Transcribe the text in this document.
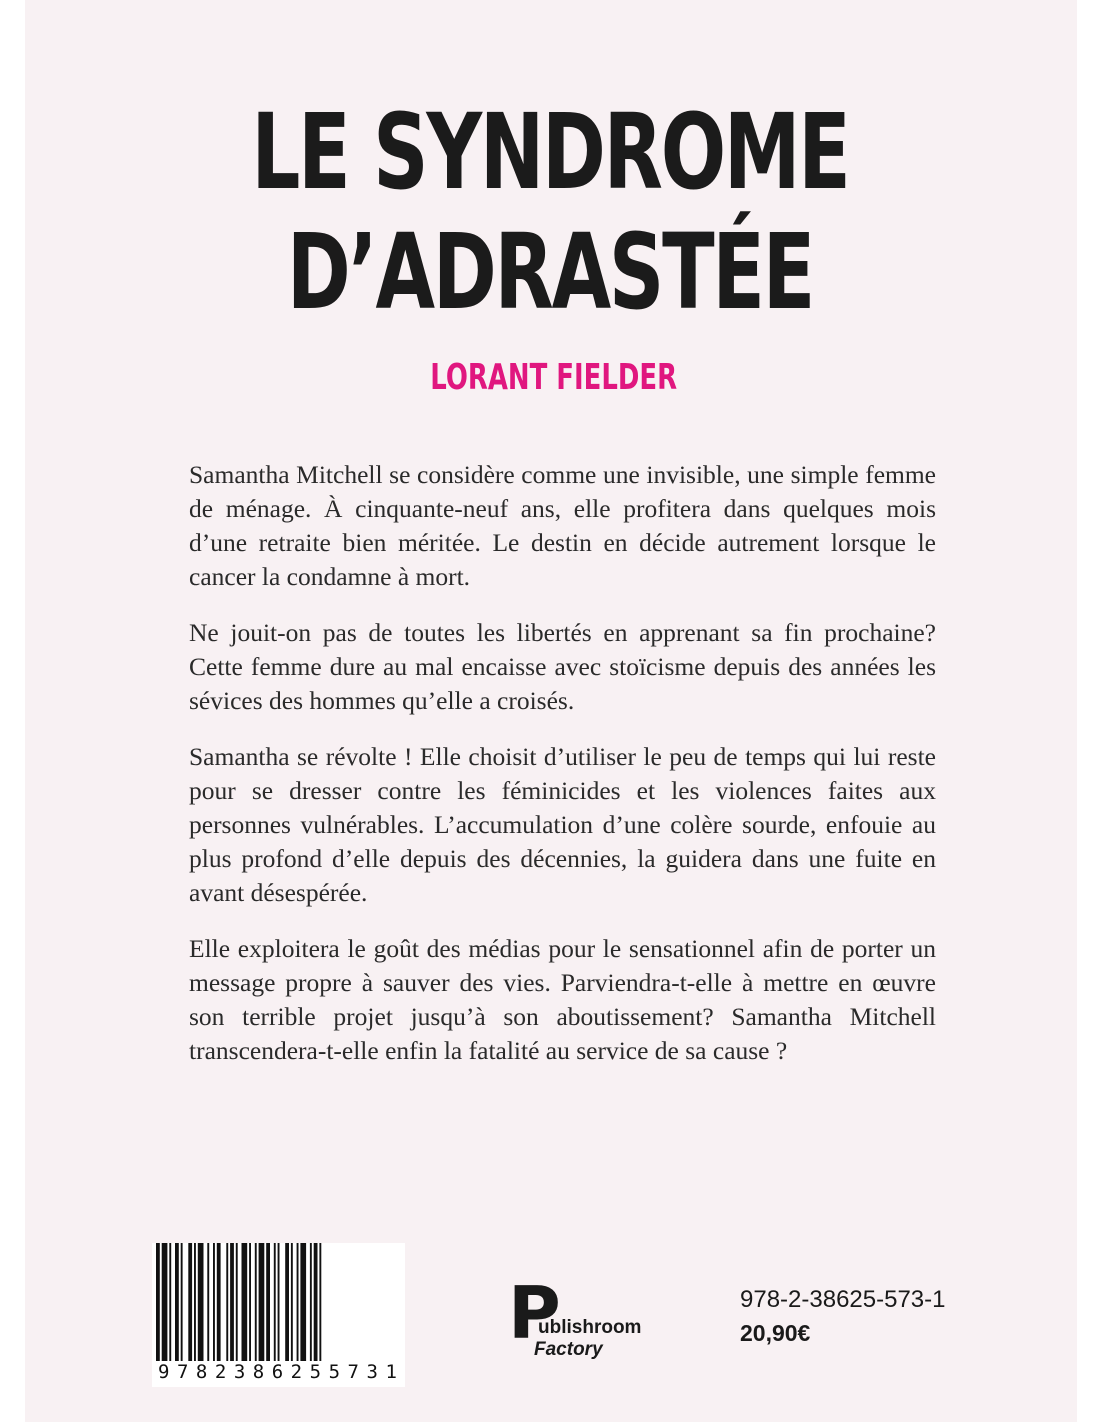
LE SYNDROME
D’ADRASTÉE
LORANT FIELDER

Samantha Mitchell se considère comme une invisible, une simple femme de ménage. À cinquante-neuf ans, elle profitera dans quelques mois d’une retraite bien méritée. Le destin en décide autrement lorsque le cancer la condamne à mort.

Ne jouit-on pas de toutes les libertés en apprenant sa fin prochaine? Cette femme dure au mal encaisse avec stoïcisme depuis des années les sévices des hommes qu’elle a croisés.

Samantha se révolte ! Elle choisit d’utiliser le peu de temps qui lui reste pour se dresser contre les féminicides et les violences faites aux personnes vulnérables. L’accumulation d’une colère sourde, enfouie au plus profond d’elle depuis des décennies, la guidera dans une fuite en avant désespérée.

Elle exploitera le goût des médias pour le sensationnel afin de porter un message propre à sauver des vies. Parviendra-t-elle à mettre en œuvre son terrible projet jusqu’à son aboutissement? Samantha Mitchell transcendera-t-elle enfin la fatalité au service de sa cause ?

9 7 8 2 3 8 6 2 5 5 7 3 1
P
ublishroom
Factory
978-2-38625-573-1
20,90€
